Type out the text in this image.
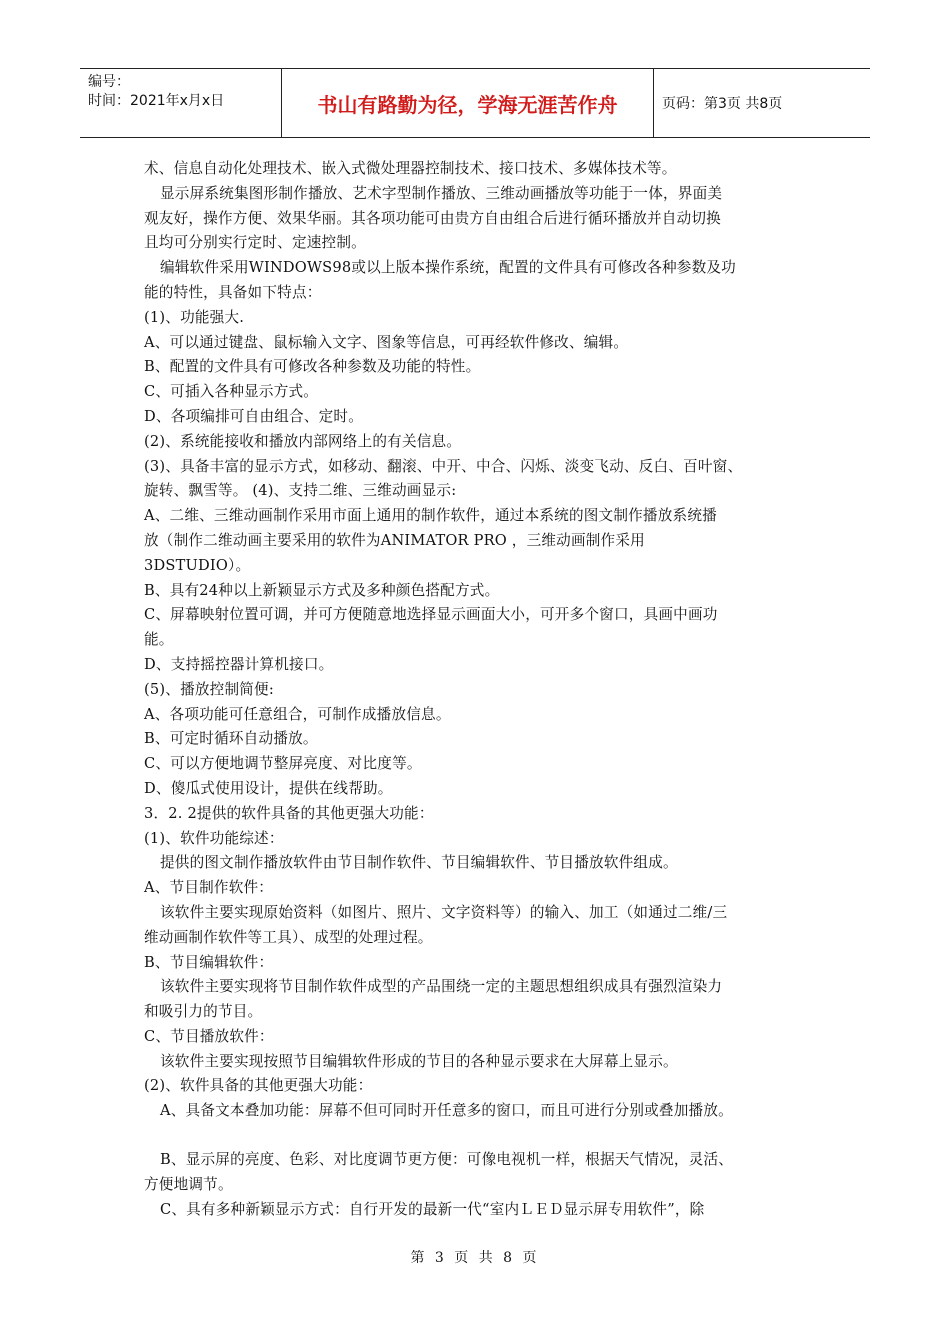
编号：
时间：2021年x月x日	书山有路勤为径，学海无涯苦作舟	页码：第3页 共8页

术、信息自动化处理技术、嵌入式微处理器控制技术、接口技术、多媒体技术等。

显示屏系统集图形制作播放、艺术字型制作播放、三维动画播放等功能于一体，界面美

观友好，操作方便、效果华丽。其各项功能可由贵方自由组合后进行循环播放并自动切换

且均可分别实行定时、定速控制。

编辑软件采用WINDOWS98或以上版本操作系统，配置的文件具有可修改各种参数及功

能的特性，具备如下特点：

(1)、功能强大.

A、可以通过键盘、鼠标输入文字、图象等信息，可再经软件修改、编辑。

B、配置的文件具有可修改各种参数及功能的特性。

C、可插入各种显示方式。

D、各项编排可自由组合、定时。

(2)、系统能接收和播放内部网络上的有关信息。

(3)、具备丰富的显示方式，如移动、翻滚、中开、中合、闪烁、淡变飞动、反白、百叶窗、

旋转、飘雪等。 (4)、支持二维、三维动画显示:

A、二维、三维动画制作采用市面上通用的制作软件，通过本系统的图文制作播放系统播

放（制作二维动画主要采用的软件为ANIMATOR PRO ，三维动画制作采用

3DSTUDIO）。

B、具有24种以上新颖显示方式及多种颜色搭配方式。

C、屏幕映射位置可调，并可方便随意地选择显示画面大小，可开多个窗口，具画中画功

能。

D、支持摇控器计算机接口。

(5)、播放控制简便:

A、各项功能可任意组合，可制作成播放信息。

B、可定时循环自动播放。

C、可以方便地调节整屏亮度、对比度等。

D、傻瓜式使用设计，提供在线帮助。

3．2. 2提供的软件具备的其他更强大功能：

(1)、软件功能综述：

提供的图文制作播放软件由节目制作软件、节目编辑软件、节目播放软件组成。

A、节目制作软件：

该软件主要实现原始资料（如图片、照片、文字资料等）的输入、加工（如通过二维/三

维动画制作软件等工具）、成型的处理过程。

B、节目编辑软件：

该软件主要实现将节目制作软件成型的产品围绕一定的主题思想组织成具有强烈渲染力

和吸引力的节目。

C、节目播放软件：

该软件主要实现按照节目编辑软件形成的节目的各种显示要求在大屏幕上显示。

(2)、软件具备的其他更强大功能：

A、具备文本叠加功能：屏幕不但可同时开任意多的窗口，而且可进行分别或叠加播放。

B、显示屏的亮度、色彩、对比度调节更方便：可像电视机一样，根据天气情况，灵活、

方便地调节。

C、具有多种新颖显示方式：自行开发的最新一代“室内ＬＥＤ显示屏专用软件”，除

第 3 页 共 8 页
